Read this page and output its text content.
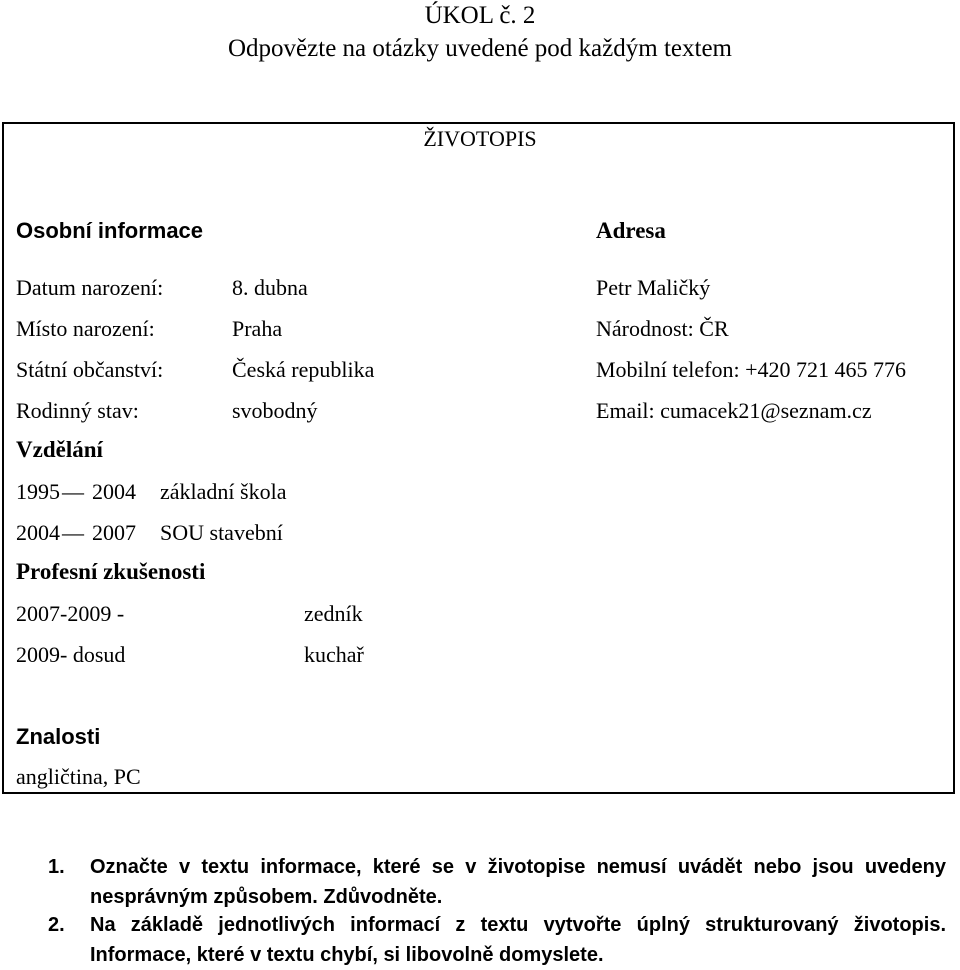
ÚKOL č. 2
Odpovězte na otázky uvedené pod každým textem
ŽIVOTOPIS
Osobní informace	Adresa
Datum narození:	8. dubna	Petr Maličký
Místo narození:	Praha	Národnost: ČR
Státní občanství:	Česká republika	Mobilní telefon: +420 721 465 776
Rodinný stav:	svobodný	Email: cumacek21@seznam.cz
Vzdělání
1995 — 2004 základní škola
2004 — 2007 SOU stavební
Profesní zkušenosti
2007-2009 -	zedník
2009- dosud	kuchař
Znalosti
angličtina, PC
1. Označte v textu informace, které se v životopise nemusí uvádět nebo jsou uvedeny nesprávným způsobem. Zdůvodněte.
2. Na základě jednotlivých informací z textu vytvořte úplný strukturovaný životopis. Informace, které v textu chybí, si libovolně domyslete.
